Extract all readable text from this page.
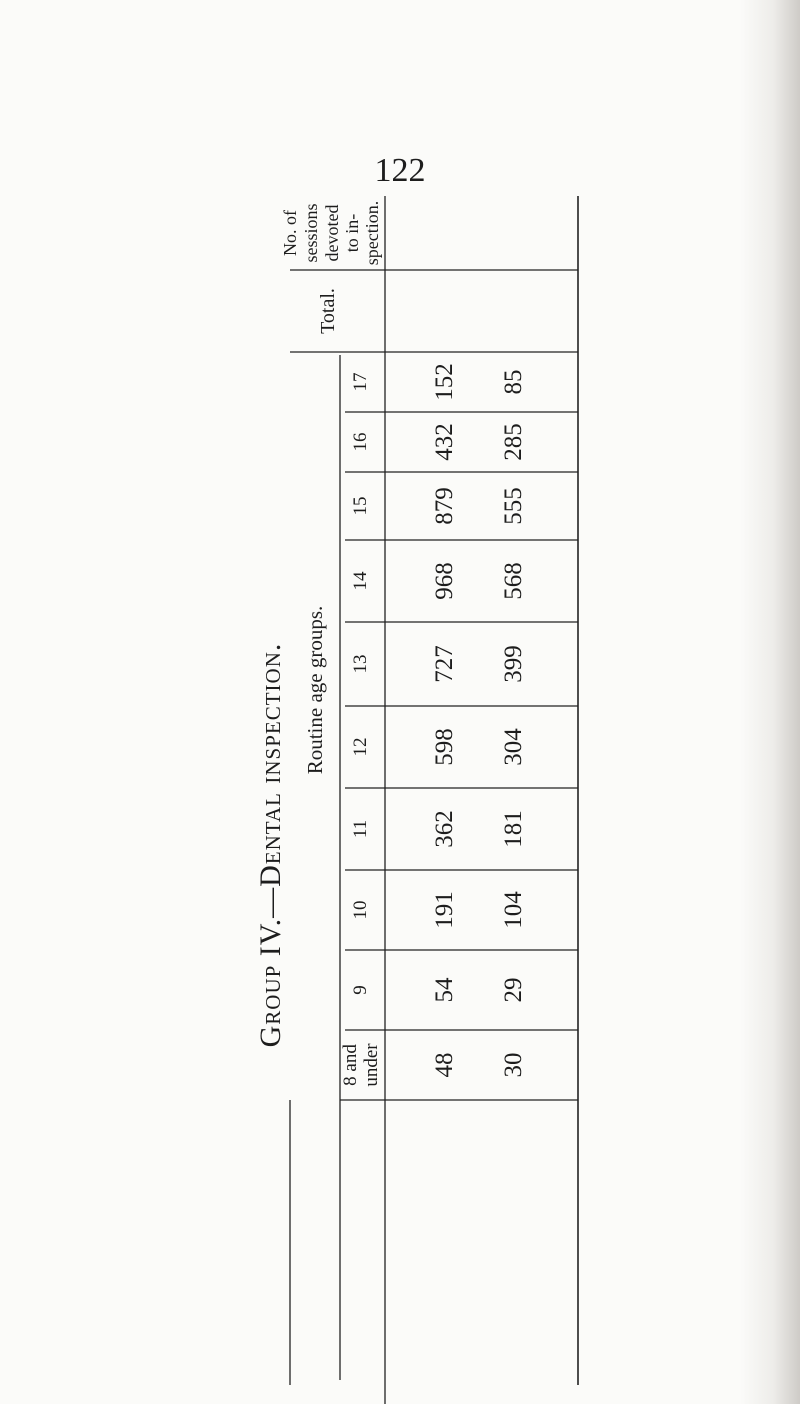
122
Group IV.—Dental inspection.
No. of sessions devoted to in- spection.
Total.
Routine age groups.
8 and under 48 30
9 54 29
10 191 104
11 362 181
12 598 304
13 727 399
14 968 568
15 879 555
16 432 285
17 152 85
